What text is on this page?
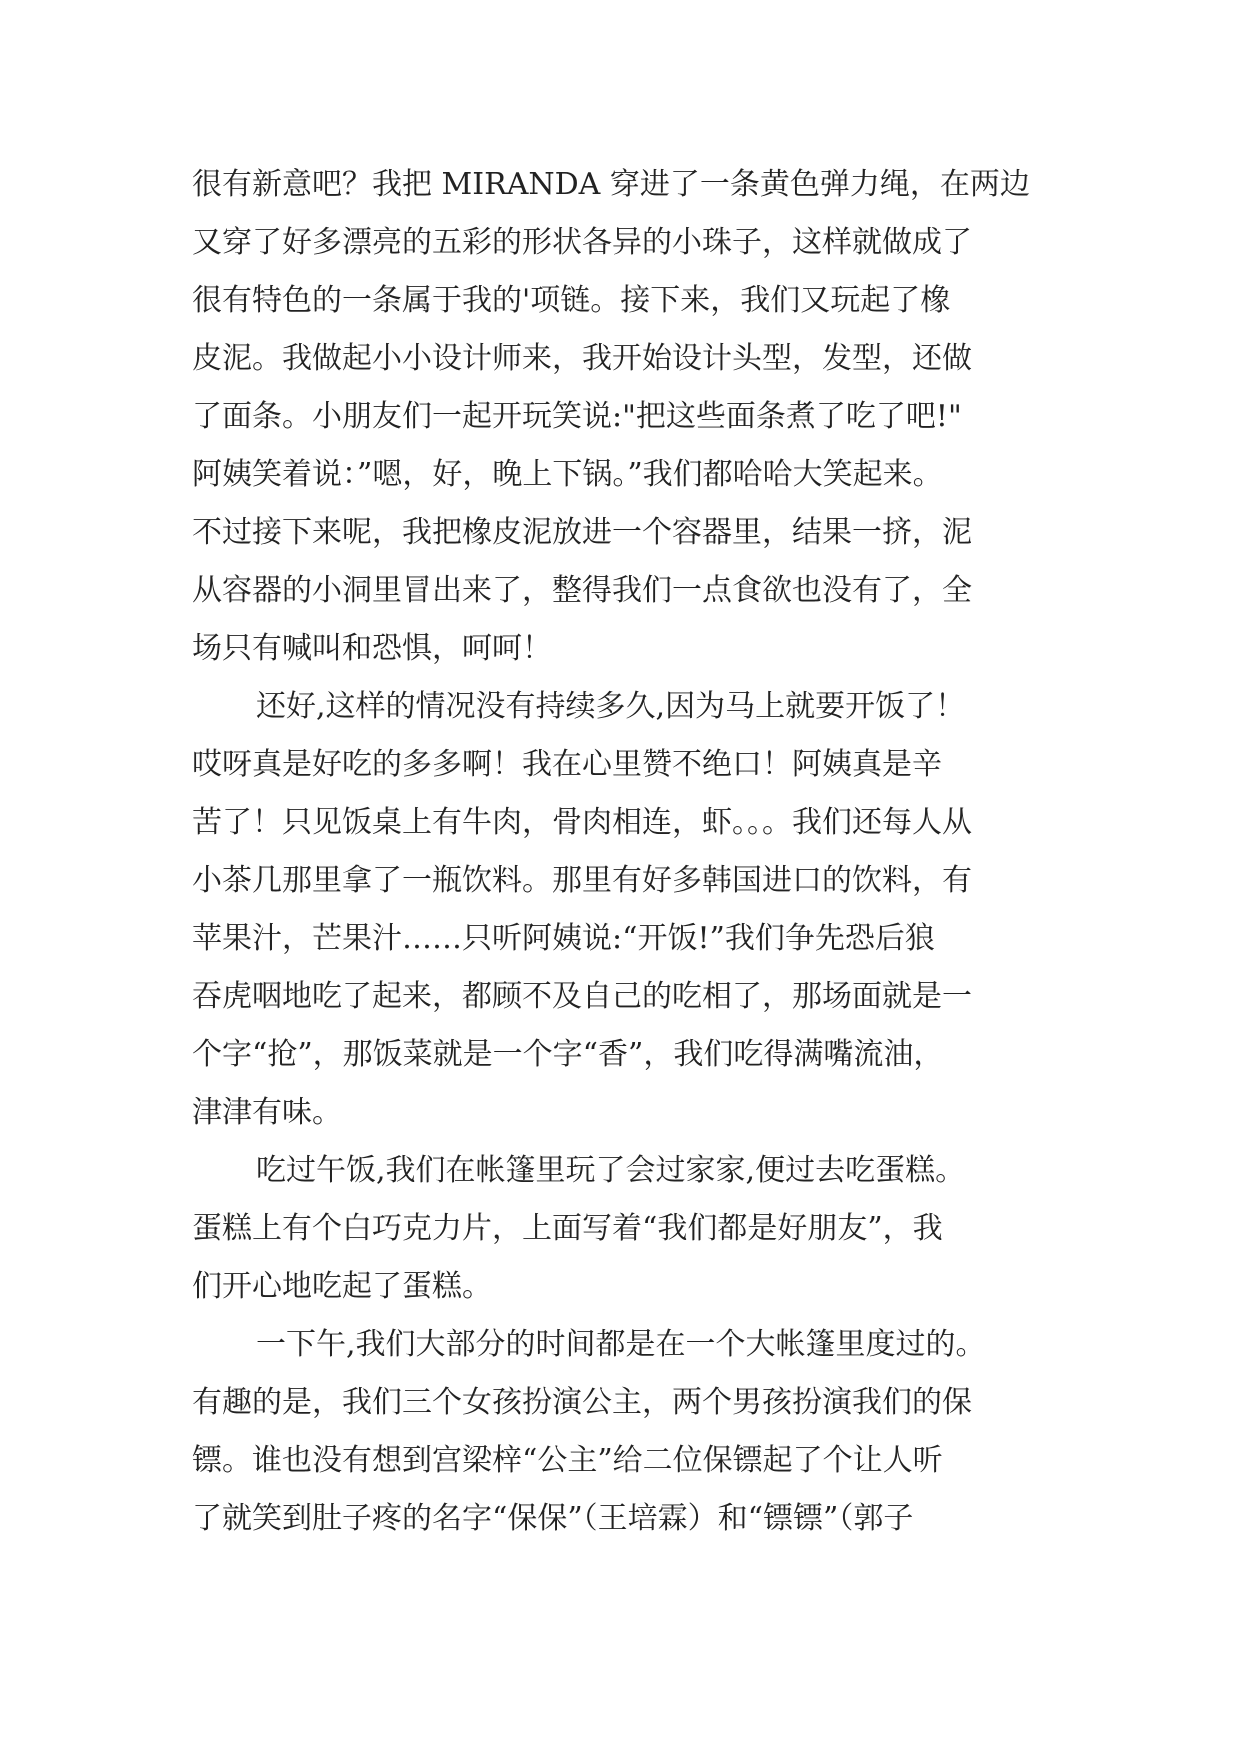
很有新意吧？我把 MIRANDA 穿进了一条黄色弹力绳，在两边
又穿了好多漂亮的五彩的形状各异的小珠子，这样就做成了
很有特色的一条属于我的'项链。接下来，我们又玩起了橡
皮泥。我做起小小设计师来，我开始设计头型，发型，还做
了面条。小朋友们一起开玩笑说:"把这些面条煮了吃了吧!"
阿姨笑着说：”嗯，好，晚上下锅。”我们都哈哈大笑起来。
不过接下来呢，我把橡皮泥放进一个容器里，结果一挤，泥
从容器的小洞里冒出来了，整得我们一点食欲也没有了，全
场只有喊叫和恐惧，呵呵！
还好,这样的情况没有持续多久,因为马上就要开饭了！
哎呀真是好吃的多多啊！我在心里赞不绝口！阿姨真是辛
苦了！只见饭桌上有牛肉，骨肉相连，虾。。。我们还每人从
小茶几那里拿了一瓶饮料。那里有好多韩国进口的饮料，有
苹果汁，芒果汁……只听阿姨说:“开饭!”我们争先恐后狼
吞虎咽地吃了起来，都顾不及自己的吃相了，那场面就是一
个字“抢”，那饭菜就是一个字“香”，我们吃得满嘴流油，
津津有味。
吃过午饭,我们在帐篷里玩了会过家家,便过去吃蛋糕。
蛋糕上有个白巧克力片，上面写着“我们都是好朋友”，我
们开心地吃起了蛋糕。
一下午,我们大部分的时间都是在一个大帐篷里度过的。
有趣的是，我们三个女孩扮演公主，两个男孩扮演我们的保
镖。谁也没有想到宫梁梓“公主”给二位保镖起了个让人听
了就笑到肚子疼的名字“保保”（王培霖）和“镖镖”（郭子
